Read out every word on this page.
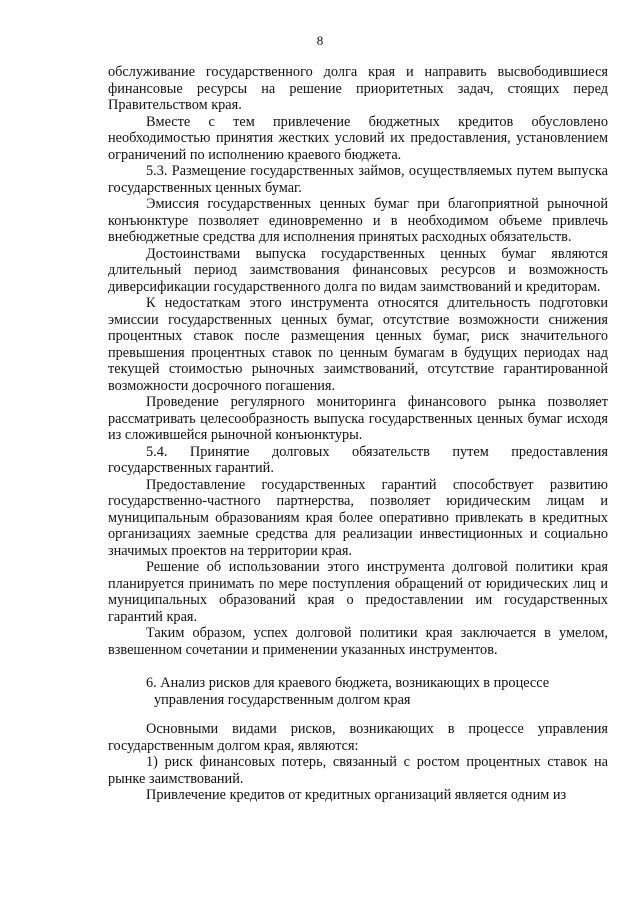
8

обслуживание государственного долга края и направить высвободившиеся финансовые ресурсы на решение приоритетных задач, стоящих перед Правительством края.

Вместе с тем привлечение бюджетных кредитов обусловлено необходимостью принятия жестких условий их предоставления, установлением ограничений по исполнению краевого бюджета.

5.3. Размещение государственных займов, осуществляемых путем выпуска государственных ценных бумаг.

Эмиссия государственных ценных бумаг при благоприятной рыночной конъюнктуре позволяет единовременно и в необходимом объеме привлечь внебюджетные средства для исполнения принятых расходных обязательств.

Достоинствами выпуска государственных ценных бумаг являются длительный период заимствования финансовых ресурсов и возможность диверсификации государственного долга по видам заимствований и кредиторам.

К недостаткам этого инструмента относятся длительность подготовки эмиссии государственных ценных бумаг, отсутствие возможности снижения процентных ставок после размещения ценных бумаг, риск значительного превышения процентных ставок по ценным бумагам в будущих периодах над текущей стоимостью рыночных заимствований, отсутствие гарантированной возможности досрочного погашения.

Проведение регулярного мониторинга финансового рынка позволяет рассматривать целесообразность выпуска государственных ценных бумаг исходя из сложившейся рыночной конъюнктуры.

5.4. Принятие долговых обязательств путем предоставления государственных гарантий.

Предоставление государственных гарантий способствует развитию государственно-частного партнерства, позволяет юридическим лицам и муниципальным образованиям края более оперативно привлекать в кредитных организациях заемные средства для реализации инвестиционных и социально значимых проектов на территории края.

Решение об использовании этого инструмента долговой политики края планируется принимать по мере поступления обращений от юридических лиц и муниципальных образований края о предоставлении им государственных гарантий края.

Таким образом, успех долговой политики края заключается в умелом, взвешенном сочетании и применении указанных инструментов.

6. Анализ рисков для краевого бюджета, возникающих в процессе
управления государственным долгом края

Основными видами рисков, возникающих в процессе управления государственным долгом края, являются:

1) риск финансовых потерь, связанный с ростом процентных ставок на рынке заимствований.

Привлечение кредитов от кредитных организаций является одним из
